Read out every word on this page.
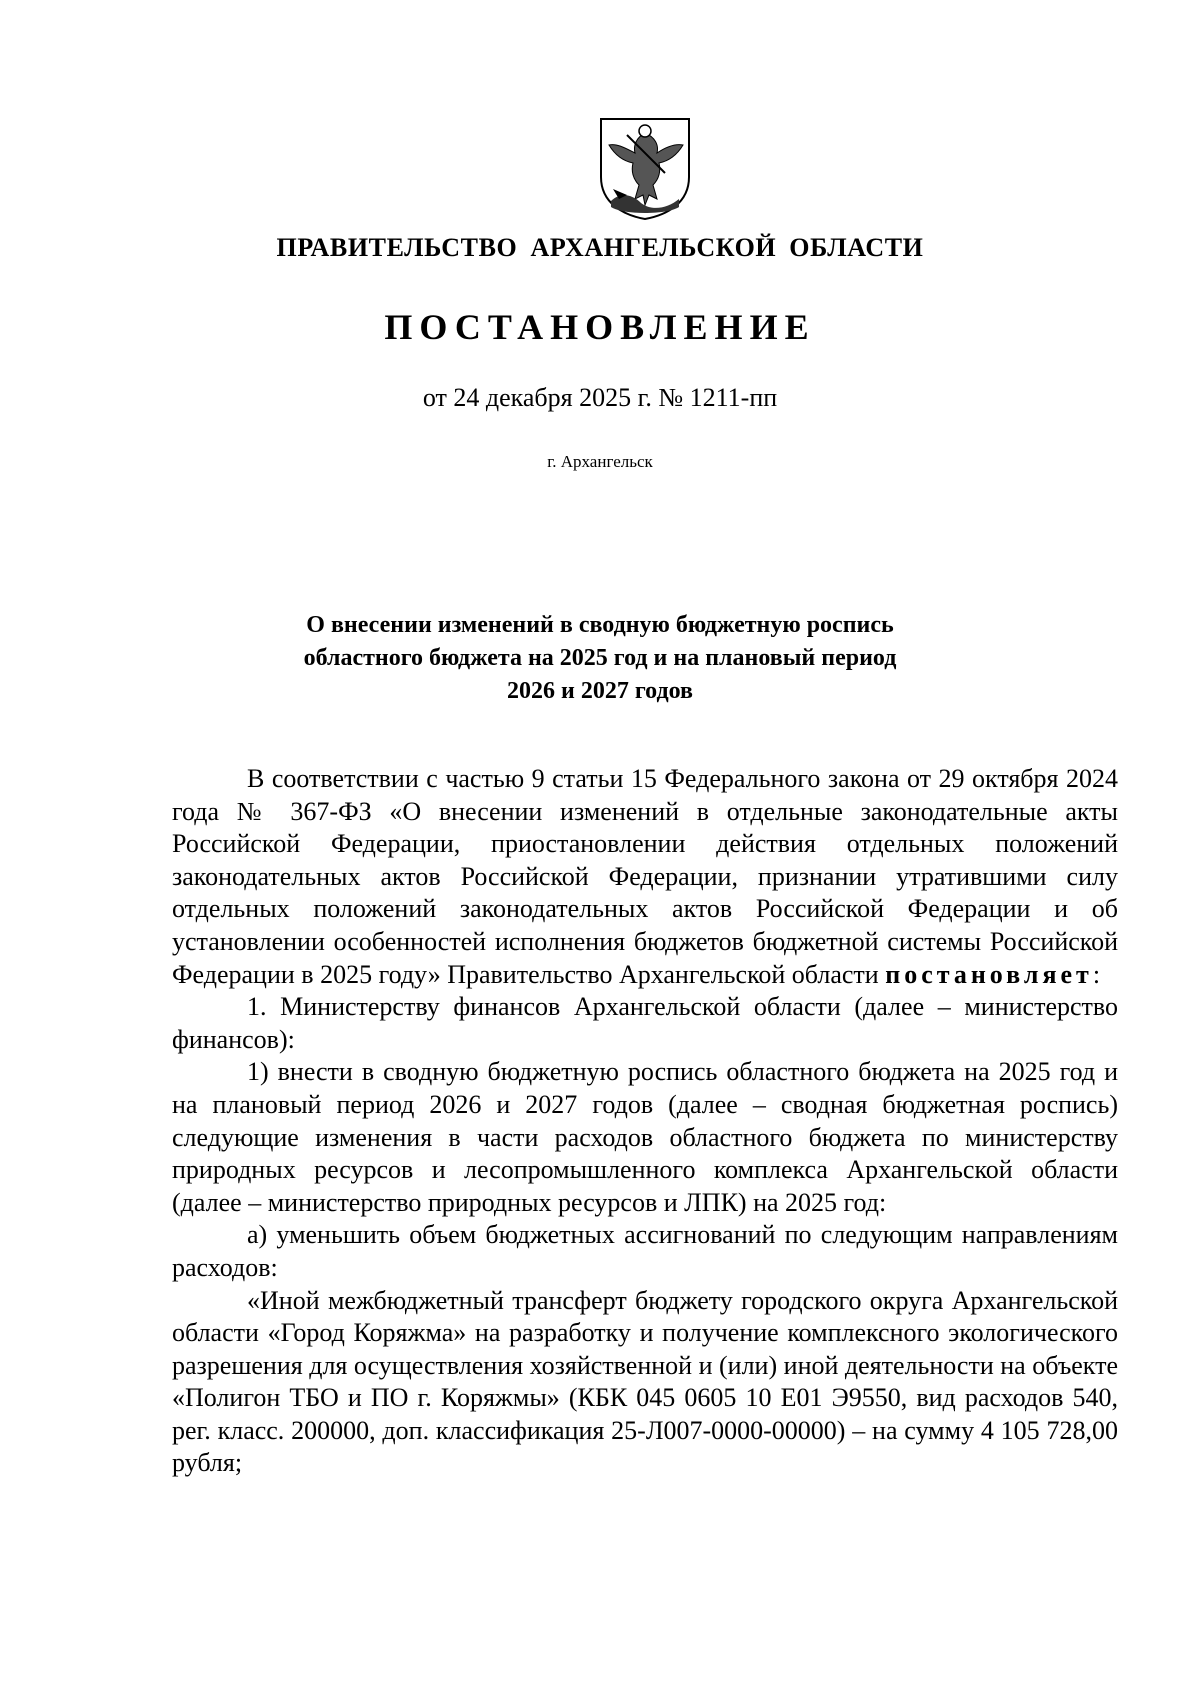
ПРАВИТЕЛЬСТВО АРХАНГЕЛЬСКОЙ ОБЛАСТИ
ПОСТАНОВЛЕНИЕ
от 24 декабря 2025 г. № 1211-пп
г. Архангельск
О внесении изменений в сводную бюджетную роспись
областного бюджета на 2025 год и на плановый период
2026 и 2027 годов

В соответствии с частью 9 статьи 15 Федерального закона от 29 октября 2024 года № 367-ФЗ «О внесении изменений в отдельные законодательные акты Российской Федерации, приостановлении действия отдельных положений законодательных актов Российской Федерации, признании утратившими силу отдельных положений законодательных актов Российской Федерации и об установлении особенностей исполнения бюджетов бюджетной системы Российской Федерации в 2025 году» Правительство Архангельской области постановляет:

1. Министерству финансов Архангельской области (далее – министерство финансов):

1) внести в сводную бюджетную роспись областного бюджета на 2025 год и на плановый период 2026 и 2027 годов (далее – сводная бюджетная роспись) следующие изменения в части расходов областного бюджета по министерству природных ресурсов и лесопромышленного комплекса Архангельской области (далее – министерство природных ресурсов и ЛПК) на 2025 год:

а) уменьшить объем бюджетных ассигнований по следующим направлениям расходов:

«Иной межбюджетный трансферт бюджету городского округа Архангельской области «Город Коряжма» на разработку и получение комплексного экологического разрешения для осуществления хозяйственной и (или) иной деятельности на объекте «Полигон ТБО и ПО г. Коряжмы» (КБК 045 0605 10 Е01 Э9550, вид расходов 540, рег. класс. 200000, доп. классификация 25-Л007-0000-00000) – на сумму 4 105 728,00 рубля;
